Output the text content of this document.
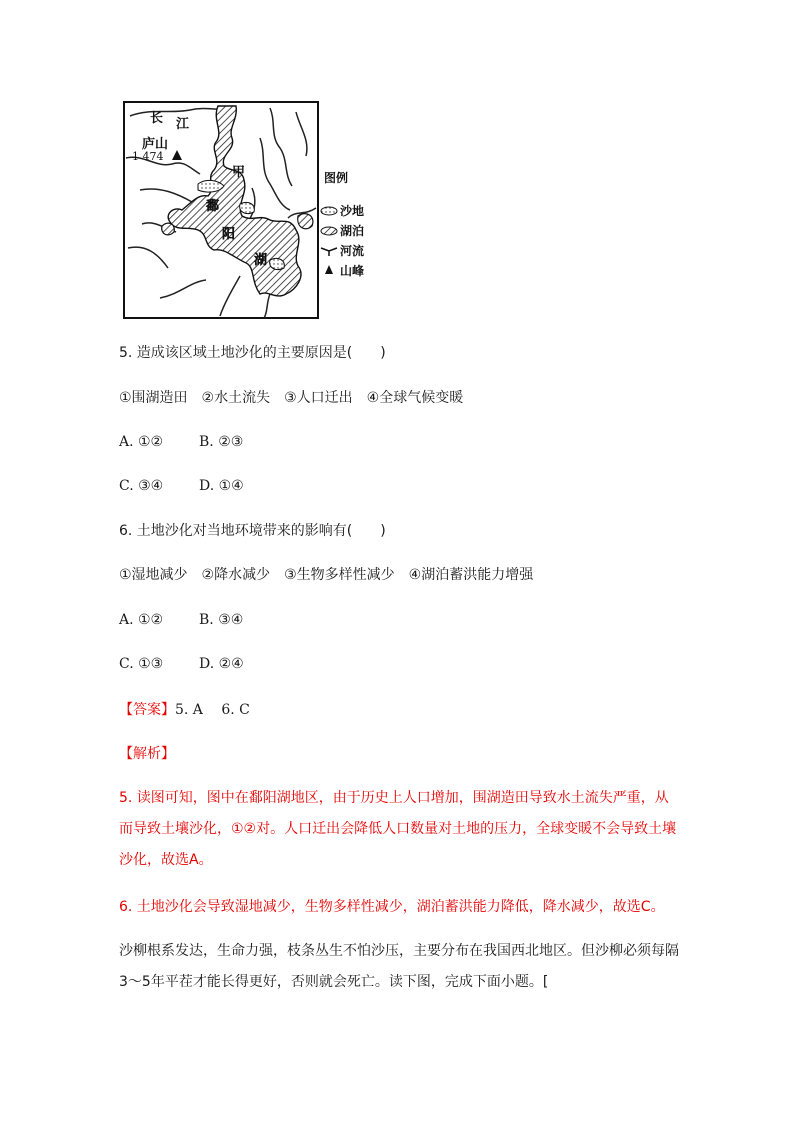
长 江
庐山
甲
鄱
阳
湖
1 474
图例
沙地
湖泊
河流
山峰
5. 造成该区域土地沙化的主要原因是(　　)
①围湖造田　②水土流失　③人口迁出　④全球气候变暖
A. ①②	B. ②③
C. ③④	D. ①④
6. 土地沙化对当地环境带来的影响有(　　)
①湿地减少　②降水减少　③生物多样性减少　④湖泊蓄洪能力增强
A. ①②	B. ③④
C. ①③	D. ②④
【答案】5. A　 6. C
【解析】
5. 读图可知，图中在鄱阳湖地区，由于历史上人口增加，围湖造田导致水土流失严重，从而导致土壤沙化，①②对。人口迁出会降低人口数量对土地的压力，全球变暖不会导致土壤沙化，故选A。
6. 土地沙化会导致湿地减少，生物多样性减少，湖泊蓄洪能力降低，降水减少，故选C。
沙柳根系发达，生命力强，枝条丛生不怕沙压，主要分布在我国西北地区。但沙柳必须每隔3～5年平茬才能长得更好，否则就会死亡。读下图，完成下面小题。[
